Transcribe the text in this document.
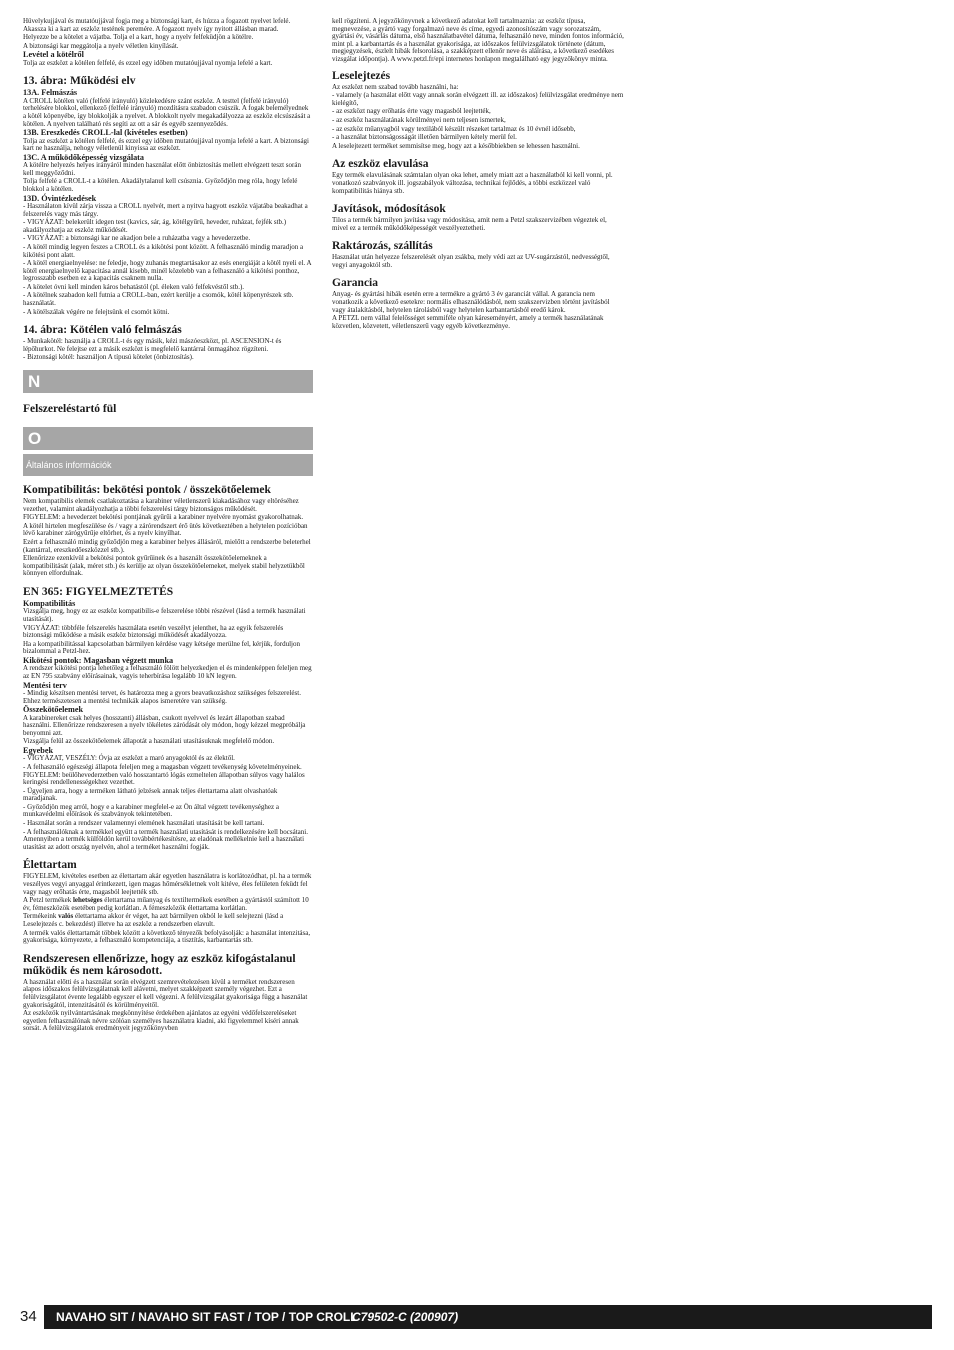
Hüvelykujjával és mutatóujjával fogja meg a biztonsági kart, és húzza a fogazott nyelvet lefelé. Akassza ki a kart az eszköz testének peremére. A fogazott nyelv így nyitott állásban marad.

Helyezze be a kötelet a vájatba. Tolja el a kart, hogy a nyelv felfeküdjön a kötélre.

A biztonsági kar meggátolja a nyelv véletlen kinyílását.

Levétel a kötélről

Tolja az eszközt a kötélen felfelé, és ezzel egy időben mutatóujjával nyomja lefelé a kart.

13. ábra: Működési elv
13A. Felmászás

A CROLL kötélen való (felfelé irányuló) közlekedésre szánt eszköz. A testtel (felfelé irányuló) terhelésére blokkol, ellenkező (felfelé irányuló) mozdításra szabadon csúszik. A fogak belemélyednek a kötél köpenyébe, így blokkolják a nyelvet. A blokkolt nyelv megakadályozza az eszköz elcsúszását a kötélen. A nyelven található rés segíti az ott a sár és egyéb szennyeződés.

13B. Ereszkedés CROLL-lal (kivételes esetben)

Tolja az eszközt a kötélen felfelé, és ezzel egy időben mutatóujjával nyomja lefelé a kart. A biztonsági kart ne használja, nehogy véletlenül kinyissa az eszközt.

13C. A működőképesség vizsgálata

A kötélre helyezés helyes irányáról minden használat előtt önbiztosítás mellett elvégzett teszt során kell meggyőződni.

Tolja felfelé a CROLL-t a kötélen. Akadálytalanul kell csúsznia. Győződjön meg róla, hogy lefelé blokkol a kötélen.

13D. Óvintézkedések

- Használaton kívül zárja vissza a CROLL nyelvét, mert a nyitva hagyott eszköz vájatába beakadhat a felszerelés vagy más tárgy.

- VIGYÁZAT: belekerült idegen test (kavics, sár, ág, kötélgyűrű, heveder, ruházat, fejfék stb.) akadályozhatja az eszköz működését.

- VIGYÁZAT: a biztonsági kar ne akadjon bele a ruházatba vagy a hevederzetbe.

- A kötél mindig legyen feszes a CROLL és a kikötési pont között. A felhasználó mindig maradjon a kikötési pont alatt.

- A kötél energiaelnyelése: ne feledje, hogy zuhanás megtartásakor az esés energiáját a kötél nyeli el. A kötél energiaelnyelő kapacitása annál kisebb, minél közelebb van a felhasználó a kikötési ponthoz, legrosszabb esetben ez a kapacitás csaknem nulla.

- A kötelet óvni kell minden káros behatástól (pl. éleken való felfekvéstől stb.).

- A kötélnek szabadon kell futnia a CROLL-ban, ezért kerülje a csomók, kötél köpenyrészek stb. használatát.

- A kötélszálak végére ne felejtsünk el csomót kötni.

14. ábra: Kötélen való felmászás

- Munkakötél: használja a CROLL-t és egy másik, kézi mászóeszközt, pl. ASCENSION-t és lépőhurkot. Ne felejtse ezt a másik eszközt is megfelelő kantárral önmagához rögzíteni.

- Biztonsági kötél: használjon A típusú kötelet (önbiztosítás).

N
Felszereléstartó fül
O
Általános információk
Kompatibilitás: bekötési pontok / összekötőelemek

Nem kompatibilis elemek csatlakoztatása a karabiner véletlenszerű kiakadásához vagy eltöréséhez vezethet, valamint akadályozhatja a többi felszerelési tárgy biztonságos működését.

FIGYELEM: a hevederzet bekötési pontjának gyűrűi a karabiner nyelvére nyomást gyakorolhatnak.

A kötél hirtelen megfeszülése és / vagy a zárórendszert érő ütés következtében a helytelen pozícióban lévő karabiner zárógyűrűje eltörhet, és a nyelv kinyílhat.

Ezért a felhasználó mindig győződjön meg a karabiner helyes állásáról, mielőtt a rendszerbe beleterhel (kantárral, ereszkedőeszközzel stb.).

Ellenőrizze ezenkívül a bekötési pontok gyűrűinek és a használt összekötőelemeknek a kompatibilitását (alak, méret stb.) és kerülje az olyan összekötőelemeket, melyek stabil helyzetükből könnyen elfordulnak.

EN 365: FIGYELMEZTETÉS
Kompatibilitás

Vizsgálja meg, hogy ez az eszköz kompatibilis-e felszerelése többi részével (lásd a termék használati utasítását).

VIGYÁZAT: többféle felszerelés használata esetén veszélyt jelenthet, ha az egyik felszerelés biztonsági működése a másik eszköz biztonsági működését akadályozza.

Ha a kompatibilitással kapcsolatban bármilyen kérdése vagy kétsége merülne fel, kérjük, forduljon bizalommal a Petzl-hez.

Kikötési pontok: Magasban végzett munka

A rendszer kikötési pontja lehetőleg a felhasználó fölött helyezkedjen el és mindenképpen feleljen meg az EN 795 szabvány előírásainak, vagyis teherbírása legalább 10 kN legyen.

Mentési terv

- Mindig készítsen mentési tervet, és határozza meg a gyors beavatkozáshoz szükséges felszerelést. Ehhez természetesen a mentési technikák alapos ismeretére van szükség.

Összekötőelemek

A karabinereket csak helyes (hosszanti) állásban, csukott nyelvvel és lezárt állapotban szabad használni. Ellenőrizze rendszeresen a nyelv tökéletes záródását oly módon, hogy kézzel megpróbálja benyomni azt.

Vizsgálja felül az összekötőelemek állapotát a használati utasításuknak megfelelő módon.

Egyebek

- VIGYÁZAT, VESZÉLY: Óvja az eszközt a maró anyagoktól és az élektől.

- A felhasználó egészségi állapota feleljen meg a magasban végzett tevékenység követelményeinek. FIGYELEM: beülőhevederzetben való hosszantartó lógás ezmeltelen állapotban súlyos vagy halálos keringési rendellenességekhez vezethet.

- Ügyeljen arra, hogy a terméken látható jelzések annak teljes élettartama alatt olvashatóak maradjanak.

- Győződjön meg arról, hogy e a karabiner megfelel-e az Ön által végzett tevékenységhez a munkavédelmi előírások és szabványok tekintetében.

- Használat során a rendszer valamennyi elemének használati utasítását be kell tartani.

- A felhasználóknak a termékkel együtt a termék használati utasítását is rendelkezésére kell bocsátani. Amennyiben a termék külföldön kerül továbbértékesítésre, az eladónak mellékelnie kell a használati utasítást az adott ország nyelvén, ahol a terméket használni fogják.

Élettartam

FIGYELEM, kivételes esetben az élettartam akár egyetlen használatra is korlátozódhat, pl. ha a termék veszélyes vegyi anyaggal érintkezett, igen magas hőmérsékletnek volt kitéve, éles felületen feküdt fel vagy nagy erőhatás érte, magasból leejtették stb.

A Petzl termékek lehetséges élettartama műanyag és textiltermékek esetében a gyártástól számított 10 év, fémeszközök esetében pedig korlátlan. A fémeszközök élettartama korlátlan.

Termékeink valós élettartama akkor ér véget, ha azt bármilyen okból le kell selejtezni (lásd a Leselejtezés c. bekezdést) illetve ha az eszköz a rendszerben elavult.

A termék valós élettartamát többek között a következő tényezők befolyásolják: a használat intenzitása, gyakorisága, környezete, a felhasználó kompetenciája, a tisztítás, karbantartás stb.

Rendszeresen ellenőrizze, hogy az eszköz kifogástalanul működik és nem károsodott.

A használat előtti és a használat során elvégzett szemrevételezésen kívül a terméket rendszeresen alapos időszakos felülvizsgálatnak kell alávetni, melyet szakképzett személy végezhet. Ezt a felülvizsgálatot évente legalább egyszer el kell végezni. A felülvizsgálat gyakorisága függ a használat gyakoriságától, intenzitásától és körülményeitől.

Az eszközök nyilvántartásának megkönnyítése érdekében ajánlatos az egyéni védőfelszereléseket egyetlen felhasználónak névre szólóan személyes használatra kiadni, aki figyelemmel kíséri annak sorsát. A felülvizsgálatok eredményeit jegyzőkönyvben

kell rögzíteni. A jegyzőkönyvnek a következő adatokat kell tartalmaznia: az eszköz típusa, megnevezése, a gyártó vagy forgalmazó neve és címe, egyedi azonosítószám vagy sorozatszám, gyártási év, vásárlás dátuma, első használatbavétel dátuma, felhasználó neve, minden fontos információ, mint pl. a karbantartás és a használat gyakorisága, az időszakos felülvizsgálatok története (dátum, megjegyzések, észlelt hibák felsorolása, a szakképzett ellenőr neve és aláírása, a következő esedékes vizsgálat időpontja). A www.petzl.fr/epi internetes honlapon megtalálható egy jegyzőkönyv minta.

Leselejtezés

Az eszközt nem szabad tovább használni, ha:

- valamely (a használat előtt vagy annak során elvégzett ill. az időszakos) felülvizsgálat eredménye nem kielégítő,

- az eszközt nagy erőhatás érte vagy magasból leejtették,

- az eszköz használatának körülményei nem teljesen ismertek,

- az eszköz műanyagból vagy textilából készült részeket tartalmaz és 10 évnél idősebb,

- a használat biztonságosságát illetően bármilyen kétely merül fel.

A leselejtezett terméket semmisítse meg, hogy azt a későbbiekben se lehessen használni.

Az eszköz elavulása

Egy termék elavulásának számtalan olyan oka lehet, amely miatt azt a használatból ki kell vonni, pl. vonatkozó szabványok ill. jogszabályok változása, technikai fejlődés, a többi eszközzel való kompatibilitás hiánya stb.

Javítások, módosítások

Tilos a termék bármilyen javítása vagy módosítása, amit nem a Petzl szakszervizében végeztek el, mivel ez a termék működőképességét veszélyeztetheti.

Raktározás, szállítás

Használat után helyezze felszerelését olyan zsákba, mely védi azt az UV-sugárzástól, nedvességtől, vegyi anyagoktól stb.

Garancia

Anyag- és gyártási hibák esetén erre a termékre a gyártó 3 év garanciát vállal. A garancia nem vonatkozik a következő esetekre: normális elhasználódásból, nem szakszervizben történt javításból vagy átalakításból, helytelen tárolásból vagy helytelen karbantartásból eredő károk.

A PETZL nem vállal felelősséget semmiféle olyan káreseményért, amely a termék használatának közvetlen, közvetett, véletlenszerű vagy egyéb következménye.

34	NAVAHO SIT / NAVAHO SIT FAST / TOP / TOP CROLL
C79502-C (200907)
